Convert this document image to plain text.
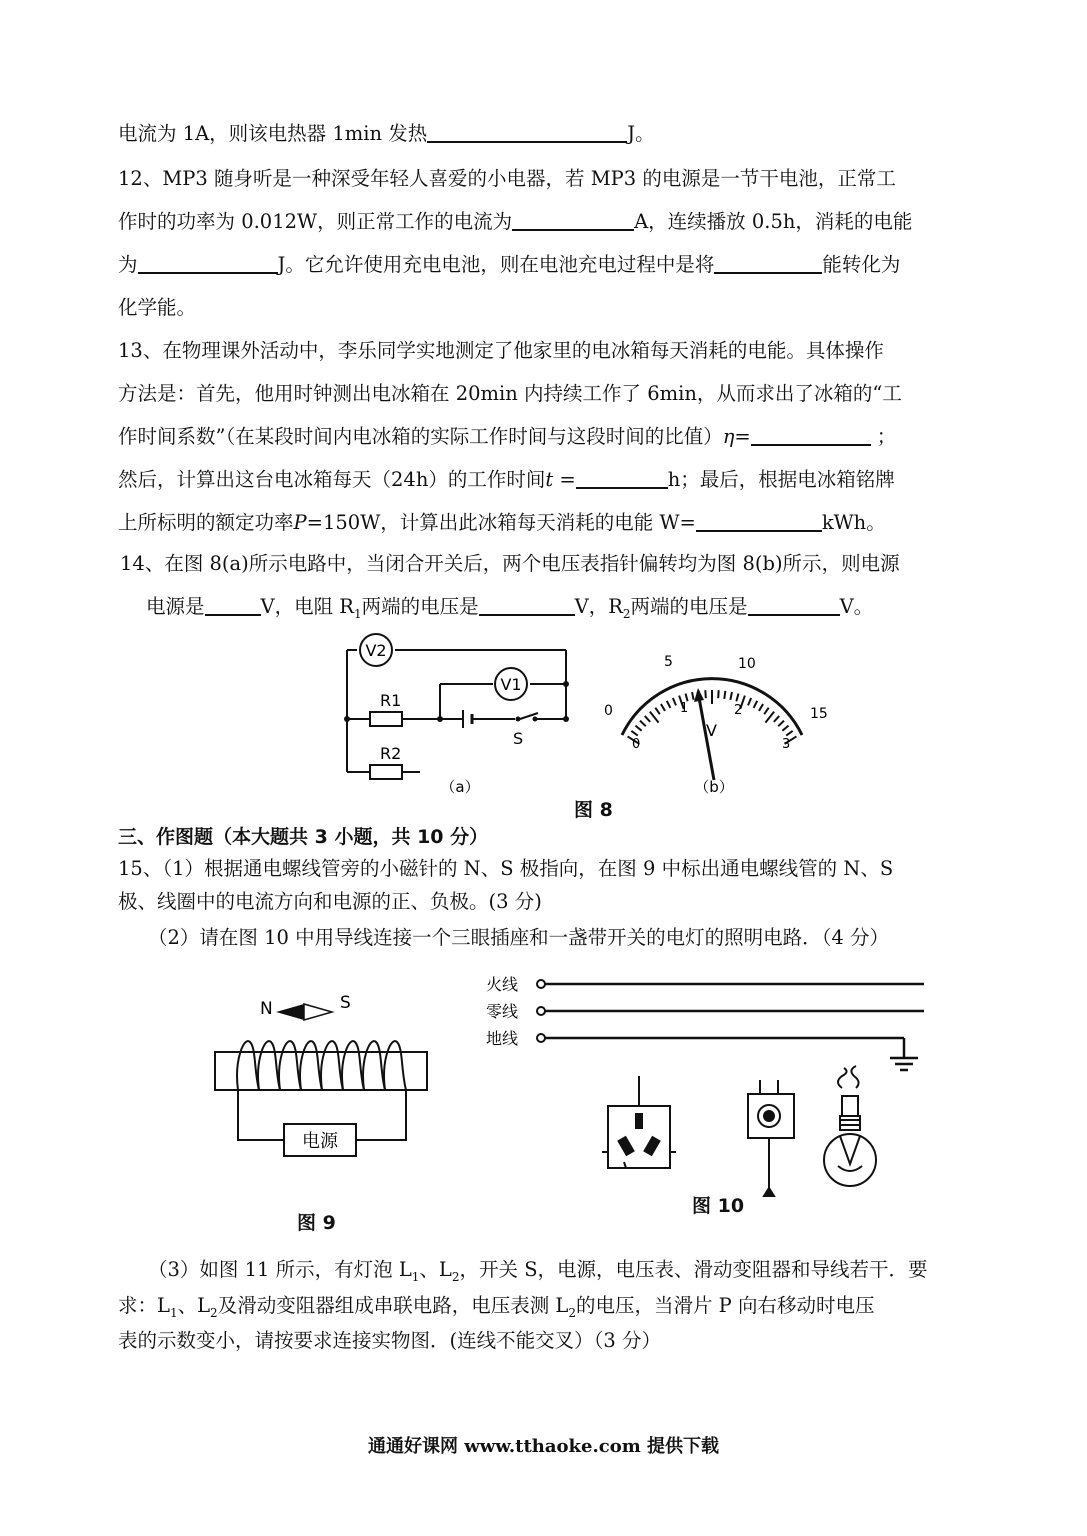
电流为 1A，则该电热器 1min 发热	J。
12、MP3 随身听是一种深受年轻人喜爱的小电器，若 MP3 的电源是一节干电池，正常工
作时的功率为 0.012W，则正常工作的电流为	A，连续播放 0.5h，消耗的电能
为	J。它允许使用充电电池，则在电池充电过程中是将	能转化为
化学能。
13、在物理课外活动中，李乐同学实地测定了他家里的电冰箱每天消耗的电能。具体操作
方法是：首先，他用时钟测出电冰箱在 20min 内持续工作了 6min，从而求出了冰箱的“工
作时间系数”（在某段时间内电冰箱的实际工作时间与这段时间的比值）η=	；
然后，计算出这台电冰箱每天（24h）的工作时间t =	h；最后，根据电冰箱铭牌
上所标明的额定功率P=150W，计算出此冰箱每天消耗的电能 W=	kWh。
14、在图 8(a)所示电路中，当闭合开关后，两个电压表指针偏转均为图 8(b)所示，则电源
电源是	V，电阻 $R_1$两端的电压是	V，$R_2$两端的电压是	V。
V2
V1
R1
R2
S
（a）
0
5	10
15
0
1	2
3
V
（b）
图 8
三、作图题（本大题共 3 小题，共 10 分）
15、（1）根据通电螺线管旁的小磁针的 N、S 极指向，在图 9 中标出通电螺线管的 N、S
极、线圈中的电流方向和电源的正、负极。(3 分)
（2）请在图 10 中用导线连接一个三眼插座和一盏带开关的电灯的照明电路．（4 分）
N	S
电源
图 9
火线
零线
地线
图 10
（3）如图 11 所示，有灯泡 $L_1$、$L_2$，开关 S，电源，电压表、滑动变阻器和导线若干．要
求：$L_1$、$L_2$及滑动变阻器组成串联电路，电压表测 $L_2$的电压，当滑片 P 向右移动时电压
表的示数变小，请按要求连接实物图．(连线不能交叉）（3 分）
通通好课网 www.tthaoke.com 提供下载
